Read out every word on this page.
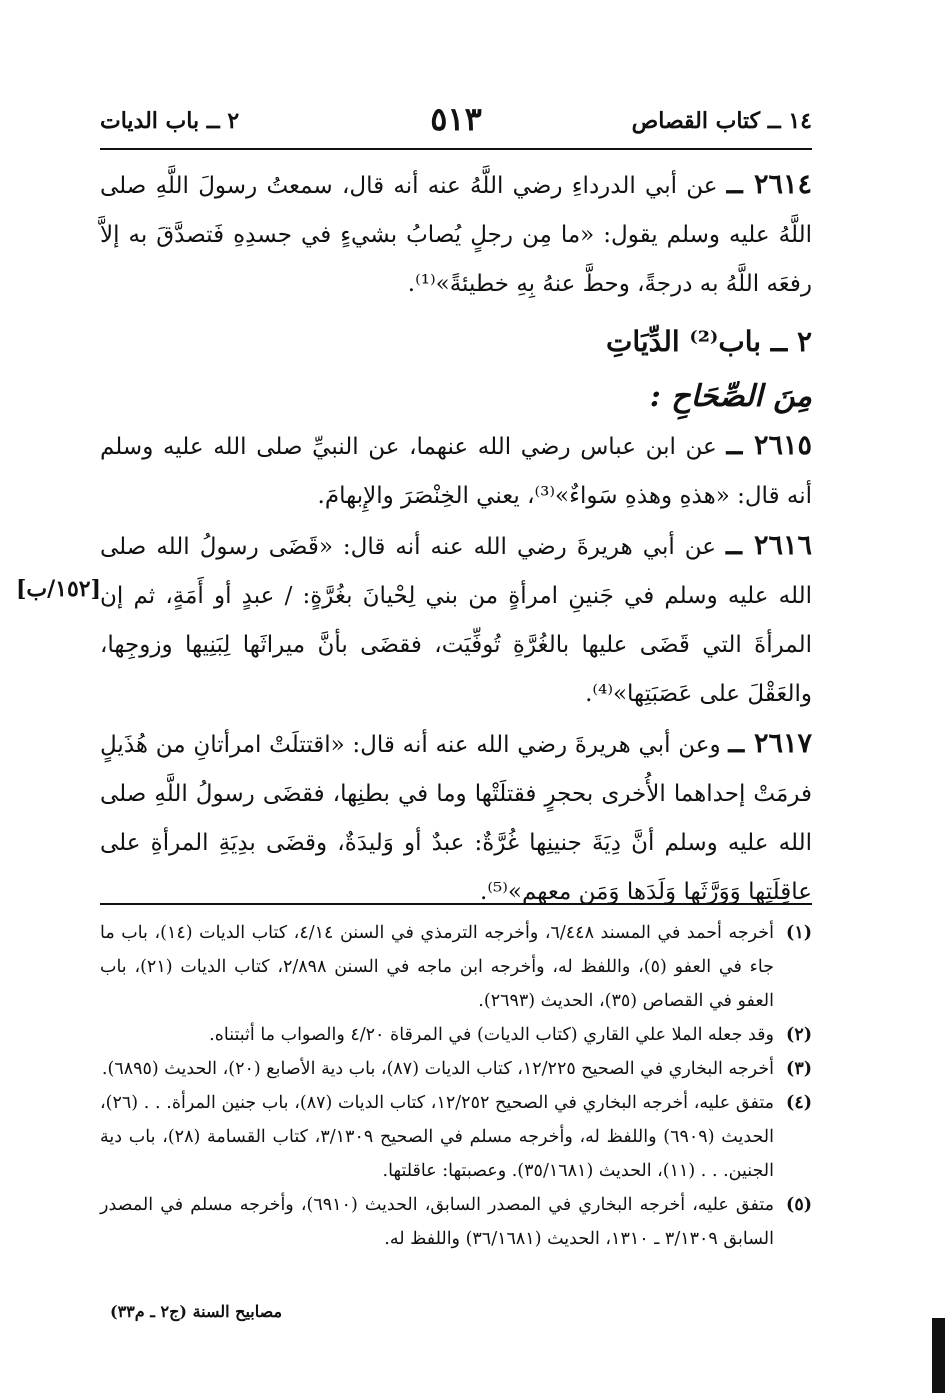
١٤ ــ كتاب القصاص
٥١٣
٢ ــ باب الديات

٢٦١٤ ــ عن أبي الدرداءِ رضي اللَّهُ عنه أنه قال، سمعتُ رسولَ اللَّهِ صلى اللَّهُ عليه وسلم يقول: «ما مِن رجلٍ يُصابُ بشيءٍ في جسدِهِ فَتصدَّقَ به إلاَّ رفعَه اللَّهُ به درجةً، وحطَّ عنهُ بِهِ خطيئةً»⁽¹⁾.

٢ ــ باب⁽²⁾ الدِّيَاتِ
مِنَ الصِّحَاحِ :

٢٦١٥ ــ عن ابن عباس رضي الله عنهما، عن النبيِّ صلى الله عليه وسلم أنه قال: «هذهِ وهذهِ سَواءٌ»⁽³⁾، يعني الخِنْصَرَ والإِبهامَ.

٢٦١٦ ــ عن أبي هريرةَ رضي الله عنه أنه قال: «قَضَى رسولُ الله صلى الله عليه وسلم في جَنينِ امرأةٍ من بني لِحْيانَ بغُرَّةٍ: / عبدٍ أو أَمَةٍ، ثم إن المرأةَ التي قَضَى عليها بالغُرَّةِ تُوفِّيَت، فقضَى بأنَّ ميراثَها لِبَنِيها وزوجِها، والعَقْلَ على عَصَبَتِها»⁽⁴⁾.

٢٦١٧ ــ وعن أبي هريرةَ رضي الله عنه أنه قال: «اقتتلَتْ امرأتانِ من هُذَيلٍ فرمَتْ إحداهما الأُخرى بحجرٍ فقتلَتْها وما في بطنِها، فقضَى رسولُ اللَّهِ صلى الله عليه وسلم أنَّ دِيَةَ جنينِها غُرَّةٌ: عبدٌ أو وَليدَةٌ، وقضَى بدِيَةِ المرأةِ على عاقِلَتِها وَوَرَّثَها وَلَدَها وَمَن معهم»⁽⁵⁾.

[١٥٢/ب]
(١)
أخرجه أحمد في المسند ٦/٤٤٨، وأخرجه الترمذي في السنن ٤/١٤، كتاب الديات (١٤)، باب ما جاء في العفو (٥)، واللفظ له، وأخرجه ابن ماجه في السنن ٢/٨٩٨، كتاب الديات (٢١)، باب العفو في القصاص (٣٥)، الحديث (٢٦٩٣).
(٢)
وقد جعله الملا علي القاري (كتاب الديات) في المرقاة ٤/٢٠ والصواب ما أثبتناه.
(٣)
أخرجه البخاري في الصحيح ١٢/٢٢٥، كتاب الديات (٨٧)، باب دية الأصابع (٢٠)، الحديث (٦٨٩٥).
(٤)
متفق عليه، أخرجه البخاري في الصحيح ١٢/٢٥٢، كتاب الديات (٨٧)، باب جنين المرأة. . . (٢٦)، الحديث (٦٩٠٩) واللفظ له، وأخرجه مسلم في الصحيح ٣/١٣٠٩، كتاب القسامة (٢٨)، باب دية الجنين. . . (١١)، الحديث (٣٥/١٦٨١). وعصبتها: عاقلتها.
(٥)
متفق عليه، أخرجه البخاري في المصدر السابق، الحديث (٦٩١٠)، وأخرجه مسلم في المصدر السابق ٣/١٣٠٩ ـ ١٣١٠، الحديث (٣٦/١٦٨١) واللفظ له.
مصابيح السنة (ج٢ ـ م٣٣)
